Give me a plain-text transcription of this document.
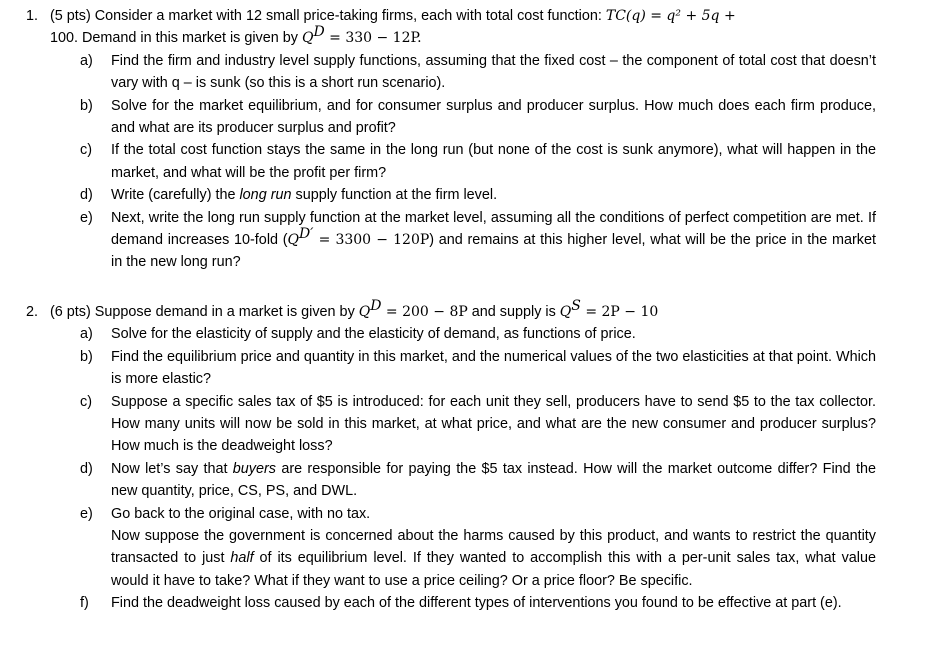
1. (5 pts) Consider a market with 12 small price-taking firms, each with total cost function: TC(q) = q² + 5q +
100. Demand in this market is given by $Q^D = 330 - 12P$.
a) Find the firm and industry level supply functions, assuming that the fixed cost – the component of total cost that doesn’t vary with q – is sunk (so this is a short run scenario).
b) Solve for the market equilibrium, and for consumer surplus and producer surplus. How much does each firm produce, and what are its producer surplus and profit?
c) If the total cost function stays the same in the long run (but none of the cost is sunk anymore), what will happen in the market, and what will be the profit per firm?
d) Write (carefully) the long run supply function at the firm level.
e) Next, write the long run supply function at the market level, assuming all the conditions of perfect competition are met. If demand increases 10-fold $(Q^{D'} = 3300 - 120P)$ and remains at this higher level, what will be the price in the market in the new long run?
2. (6 pts) Suppose demand in a market is given by $Q^D = 200 - 8P$ and supply is $Q^S = 2P - 10$
a) Solve for the elasticity of supply and the elasticity of demand, as functions of price.
b) Find the equilibrium price and quantity in this market, and the numerical values of the two elasticities at that point. Which is more elastic?
c) Suppose a specific sales tax of $5 is introduced: for each unit they sell, producers have to send $5 to the tax collector. How many units will now be sold in this market, at what price, and what are the new consumer and producer surplus? How much is the deadweight loss?
d) Now let’s say that buyers are responsible for paying the $5 tax instead. How will the market outcome differ? Find the new quantity, price, CS, PS, and DWL.
e) Go back to the original case, with no tax.
Now suppose the government is concerned about the harms caused by this product, and wants to restrict the quantity transacted to just half of its equilibrium level. If they wanted to accomplish this with a per-unit sales tax, what value would it have to take? What if they want to use a price ceiling? Or a price floor? Be specific.
f) Find the deadweight loss caused by each of the different types of interventions you found to be effective at part (e).
